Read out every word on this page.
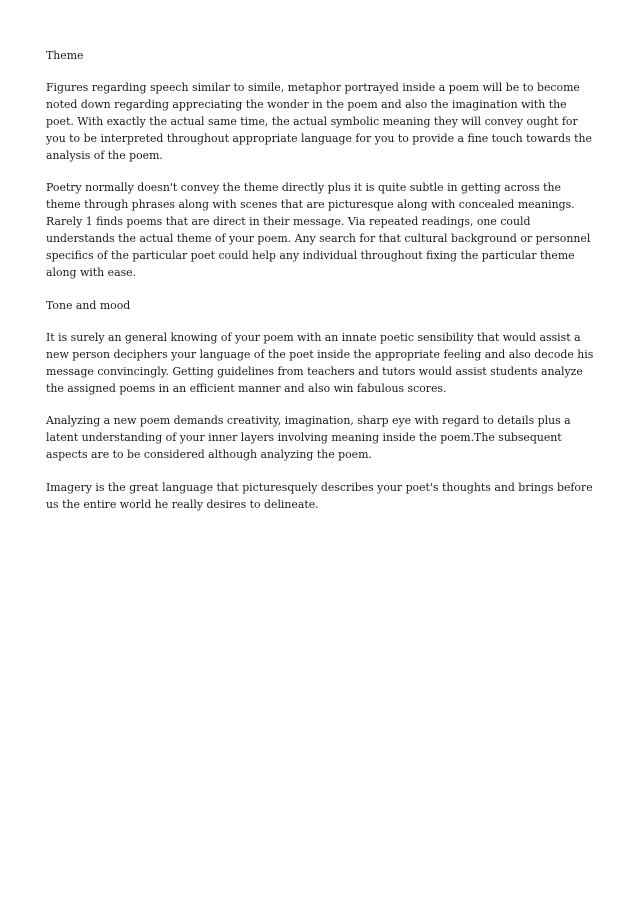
Theme

Figures regarding speech similar to simile, metaphor portrayed inside a poem will be to become noted down regarding appreciating the wonder in the poem and also the imagination with the poet. With exactly the actual same time, the actual symbolic meaning they will convey ought for you to be interpreted throughout appropriate language for you to provide a fine touch towards the analysis of the poem.

Poetry normally doesn't convey the theme directly plus it is quite subtle in getting across the theme through phrases along with scenes that are picturesque along with concealed meanings. Rarely 1 finds poems that are direct in their message. Via repeated readings, one could understands the actual theme of your poem. Any search for that cultural background or personnel specifics of the particular poet could help any individual throughout fixing the particular theme along with ease.

Tone and mood

It is surely an general knowing of your poem with an innate poetic sensibility that would assist a new person deciphers your language of the poet inside the appropriate feeling and also decode his message convincingly. Getting guidelines from teachers and tutors would assist students analyze the assigned poems in an efficient manner and also win fabulous scores.

Analyzing a new poem demands creativity, imagination, sharp eye with regard to details plus a latent understanding of your inner layers involving meaning inside the poem.The subsequent aspects are to be considered although analyzing the poem.

Imagery is the great language that picturesquely describes your poet's thoughts and brings before us the entire world he really desires to delineate.
